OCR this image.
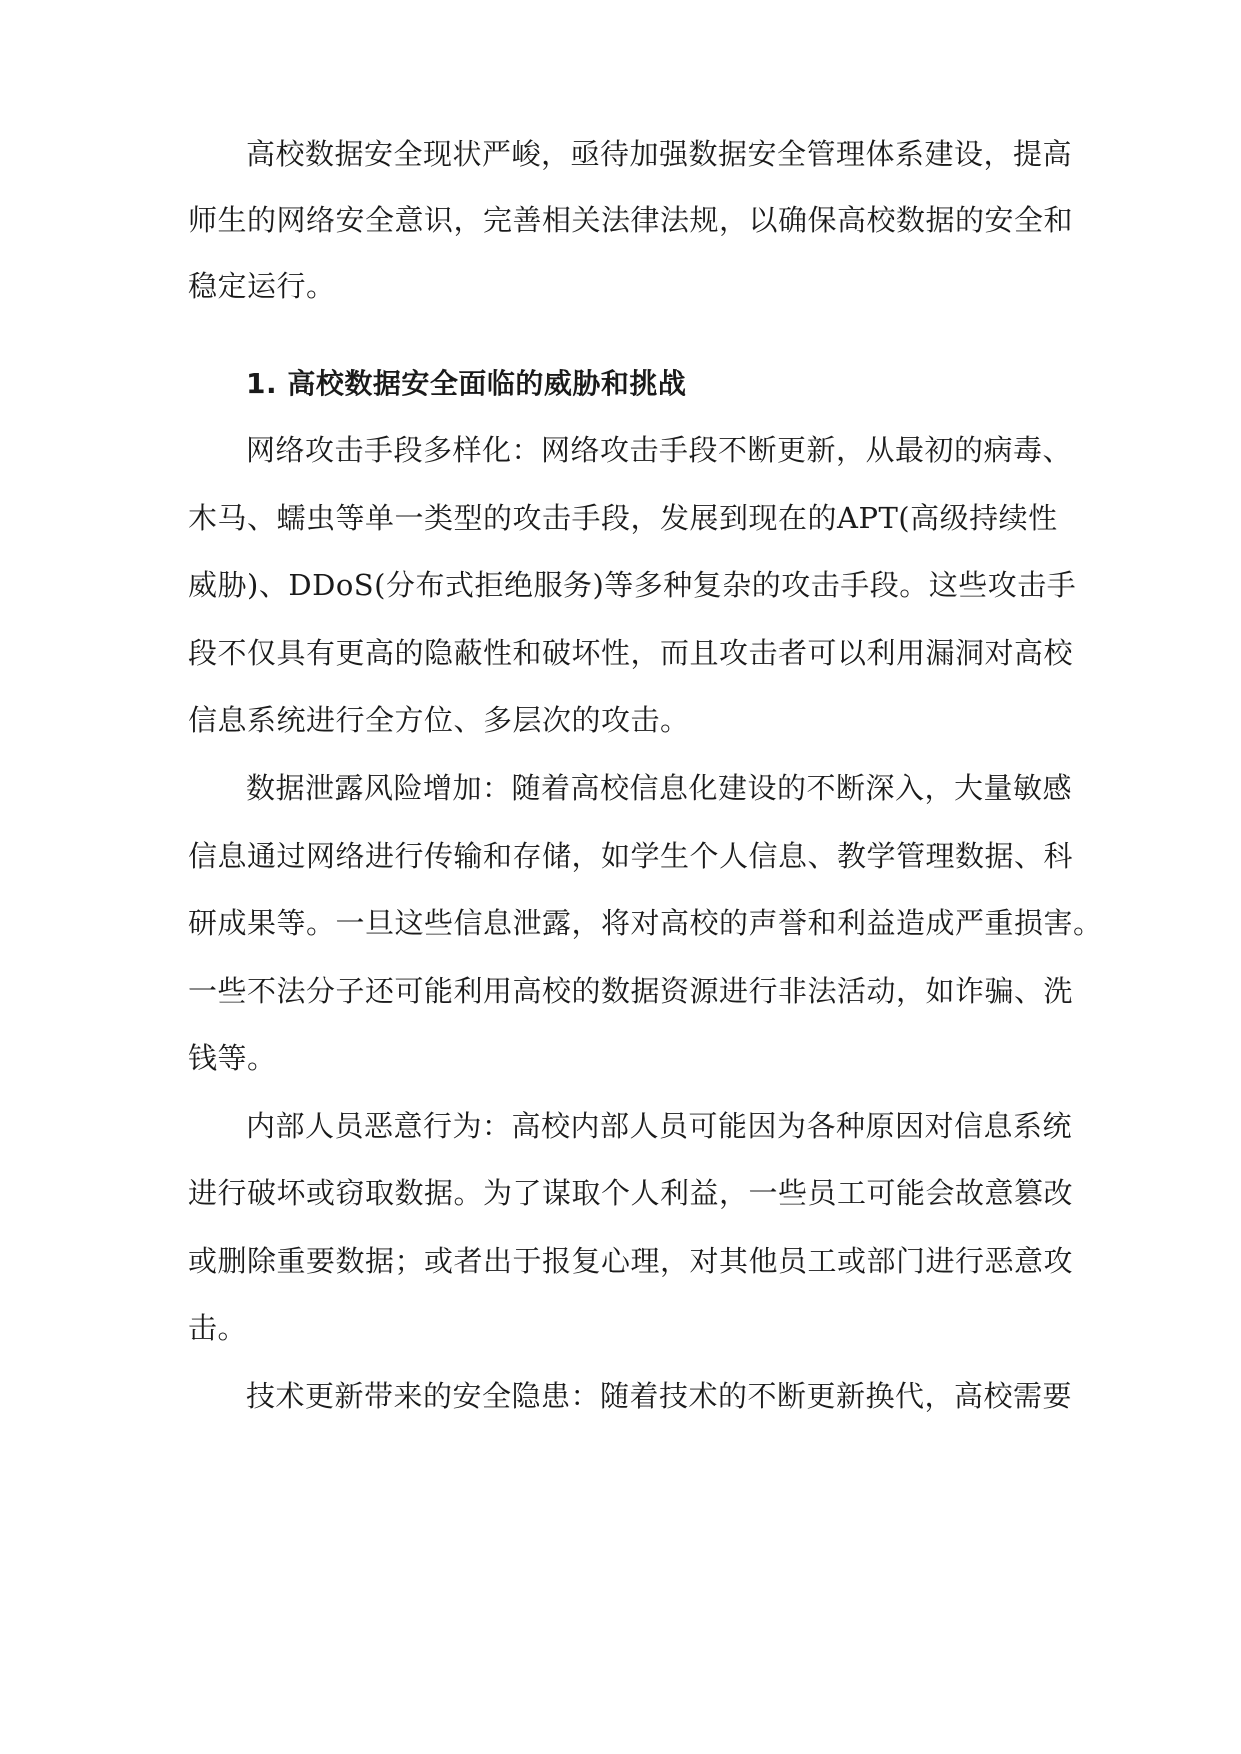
高校数据安全现状严峻，亟待加强数据安全管理体系建设，提高
师生的网络安全意识，完善相关法律法规，以确保高校数据的安全和
稳定运行。
1. 高校数据安全面临的威胁和挑战
网络攻击手段多样化：网络攻击手段不断更新，从最初的病毒、
木马、蠕虫等单一类型的攻击手段，发展到现在的APT(高级持续性
威胁)、DDoS(分布式拒绝服务)等多种复杂的攻击手段。这些攻击手
段不仅具有更高的隐蔽性和破坏性，而且攻击者可以利用漏洞对高校
信息系统进行全方位、多层次的攻击。
数据泄露风险增加：随着高校信息化建设的不断深入，大量敏感
信息通过网络进行传输和存储，如学生个人信息、教学管理数据、科
研成果等。一旦这些信息泄露，将对高校的声誉和利益造成严重损害。
一些不法分子还可能利用高校的数据资源进行非法活动，如诈骗、洗
钱等。
内部人员恶意行为：高校内部人员可能因为各种原因对信息系统
进行破坏或窃取数据。为了谋取个人利益，一些员工可能会故意篡改
或删除重要数据；或者出于报复心理，对其他员工或部门进行恶意攻
击。
技术更新带来的安全隐患：随着技术的不断更新换代，高校需要
